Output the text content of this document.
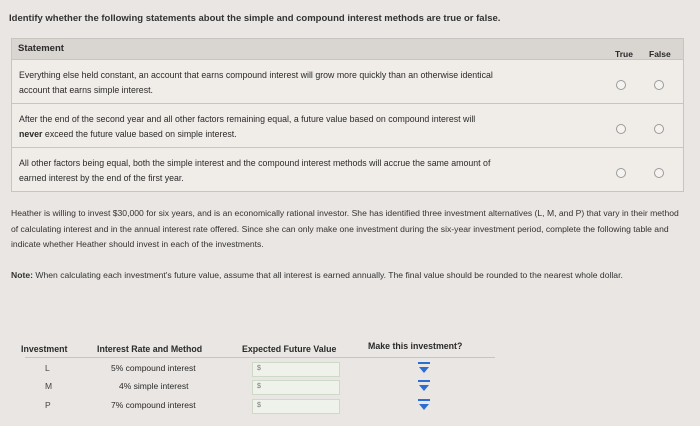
Identify whether the following statements about the simple and compound interest methods are true or false.
Statement	True False
Everything else held constant, an account that earns compound interest will grow more quickly than an otherwise identical
account that earns simple interest.
After the end of the second year and all other factors remaining equal, a future value based on compound interest will
never exceed the future value based on simple interest.
All other factors being equal, both the simple interest and the compound interest methods will accrue the same amount of
earned interest by the end of the first year.
Heather is willing to invest $30,000 for six years, and is an economically rational investor. She has identified three investment alternatives (L, M, and P) that vary in their method of calculating interest and in the annual interest rate offered. Since she can only make one investment during the six-year investment period, complete the following table and indicate whether Heather should invest in each of the investments.
Note: When calculating each investment's future value, assume that all interest is earned annually. The final value should be rounded to the nearest whole dollar.
Investment	Interest Rate and Method	Expected Future Value	Make this investment?
L	5% compound interest	$
M	4% simple interest	$
P	7% compound interest	$
